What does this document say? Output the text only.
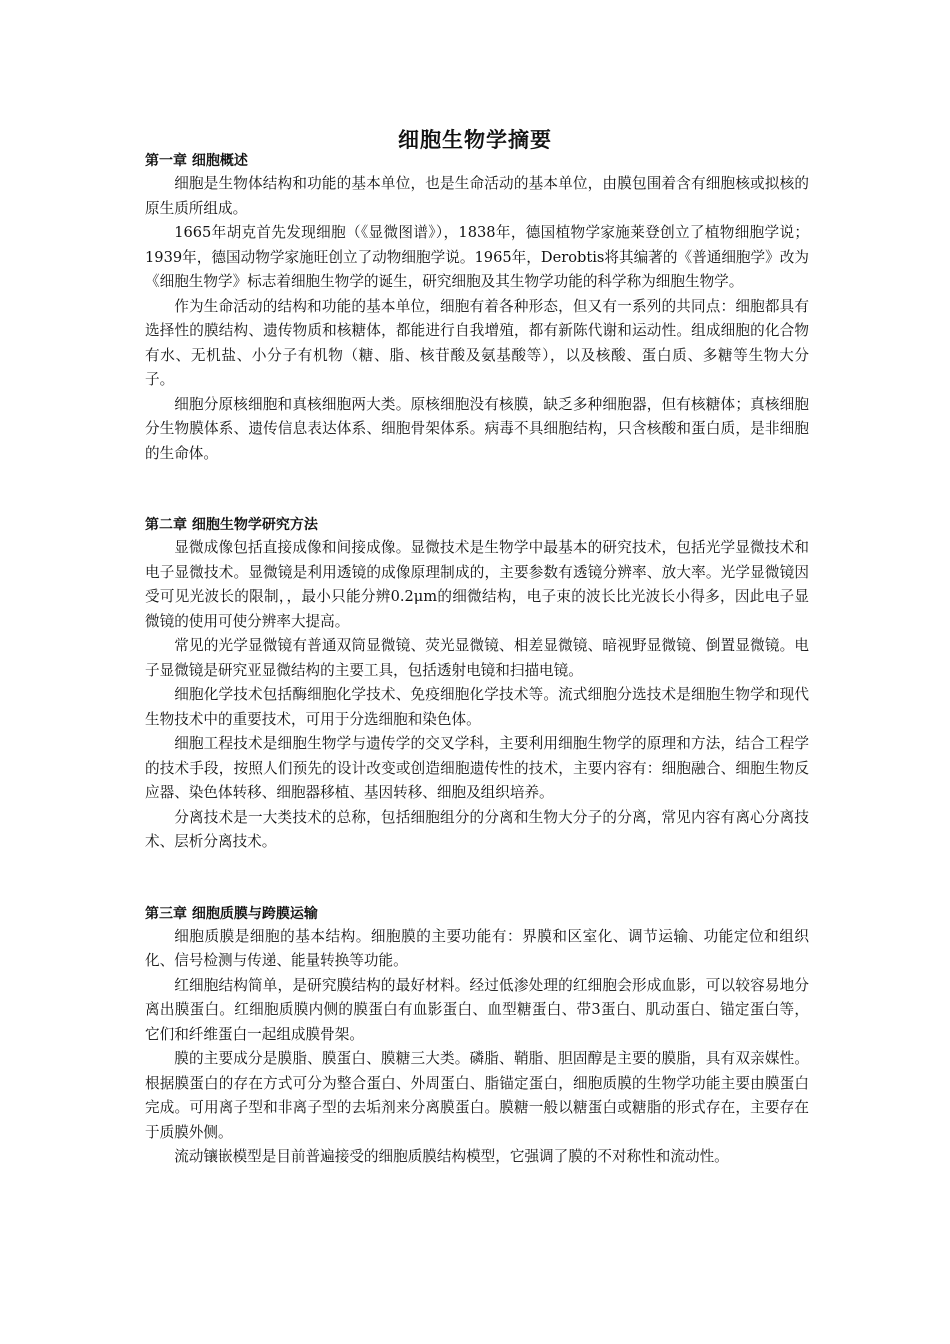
细胞生物学摘要
第一章 细胞概述

细胞是生物体结构和功能的基本单位，也是生命活动的基本单位，由膜包围着含有细胞核或拟核的原生质所组成。

1665年胡克首先发现细胞（《显微图谱》），1838年，德国植物学家施莱登创立了植物细胞学说；1939年，德国动物学家施旺创立了动物细胞学说。1965年，Derobtis将其编著的《普通细胞学》改为《细胞生物学》标志着细胞生物学的诞生，研究细胞及其生物学功能的科学称为细胞生物学。

作为生命活动的结构和功能的基本单位，细胞有着各种形态，但又有一系列的共同点：细胞都具有选择性的膜结构、遗传物质和核糖体，都能进行自我增殖，都有新陈代谢和运动性。组成细胞的化合物有水、无机盐、小分子有机物（糖、脂、核苷酸及氨基酸等），以及核酸、蛋白质、多糖等生物大分子。

细胞分原核细胞和真核细胞两大类。原核细胞没有核膜，缺乏多种细胞器，但有核糖体；真核细胞分生物膜体系、遗传信息表达体系、细胞骨架体系。病毒不具细胞结构，只含核酸和蛋白质，是非细胞的生命体。

第二章 细胞生物学研究方法

显微成像包括直接成像和间接成像。显微技术是生物学中最基本的研究技术，包括光学显微技术和电子显微技术。显微镜是利用透镜的成像原理制成的，主要参数有透镜分辨率、放大率。光学显微镜因受可见光波长的限制，，最小只能分辨0.2μm的细微结构，电子束的波长比光波长小得多，因此电子显微镜的使用可使分辨率大提高。

常见的光学显微镜有普通双筒显微镜、荧光显微镜、相差显微镜、暗视野显微镜、倒置显微镜。电子显微镜是研究亚显微结构的主要工具，包括透射电镜和扫描电镜。

细胞化学技术包括酶细胞化学技术、免疫细胞化学技术等。流式细胞分选技术是细胞生物学和现代生物技术中的重要技术，可用于分选细胞和染色体。

细胞工程技术是细胞生物学与遗传学的交叉学科，主要利用细胞生物学的原理和方法，结合工程学的技术手段，按照人们预先的设计改变或创造细胞遗传性的技术，主要内容有：细胞融合、细胞生物反应器、染色体转移、细胞器移植、基因转移、细胞及组织培养。

分离技术是一大类技术的总称，包括细胞组分的分离和生物大分子的分离，常见内容有离心分离技术、层析分离技术。

第三章 细胞质膜与跨膜运输

细胞质膜是细胞的基本结构。细胞膜的主要功能有：界膜和区室化、调节运输、功能定位和组织化、信号检测与传递、能量转换等功能。

红细胞结构简单，是研究膜结构的最好材料。经过低渗处理的红细胞会形成血影，可以较容易地分离出膜蛋白。红细胞质膜内侧的膜蛋白有血影蛋白、血型糖蛋白、带3蛋白、肌动蛋白、锚定蛋白等，它们和纤维蛋白一起组成膜骨架。

膜的主要成分是膜脂、膜蛋白、膜糖三大类。磷脂、鞘脂、胆固醇是主要的膜脂，具有双亲媒性。根据膜蛋白的存在方式可分为整合蛋白、外周蛋白、脂锚定蛋白，细胞质膜的生物学功能主要由膜蛋白完成。可用离子型和非离子型的去垢剂来分离膜蛋白。膜糖一般以糖蛋白或糖脂的形式存在，主要存在于质膜外侧。

流动镶嵌模型是目前普遍接受的细胞质膜结构模型，它强调了膜的不对称性和流动性。
